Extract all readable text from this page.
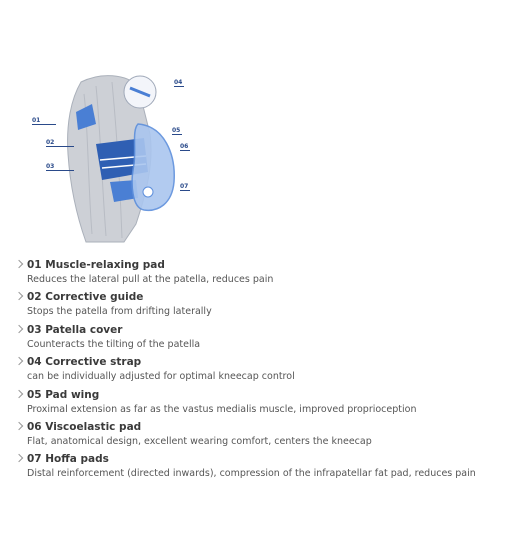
01
02
03
04
05
06
07
01 Muscle-relaxing pad
Reduces the lateral pull at the patella, reduces pain
02 Corrective guide
Stops the patella from drifting laterally
03 Patella cover
Counteracts the tilting of the patella
04 Corrective strap
can be individually adjusted for optimal kneecap control
05 Pad wing
Proximal extension as far as the vastus medialis muscle, improved proprioception
06 Viscoelastic pad
Flat, anatomical design, excellent wearing comfort, centers the kneecap
07 Hoffa pads
Distal reinforcement (directed inwards), compression of the infrapatellar fat pad, reduces pain
